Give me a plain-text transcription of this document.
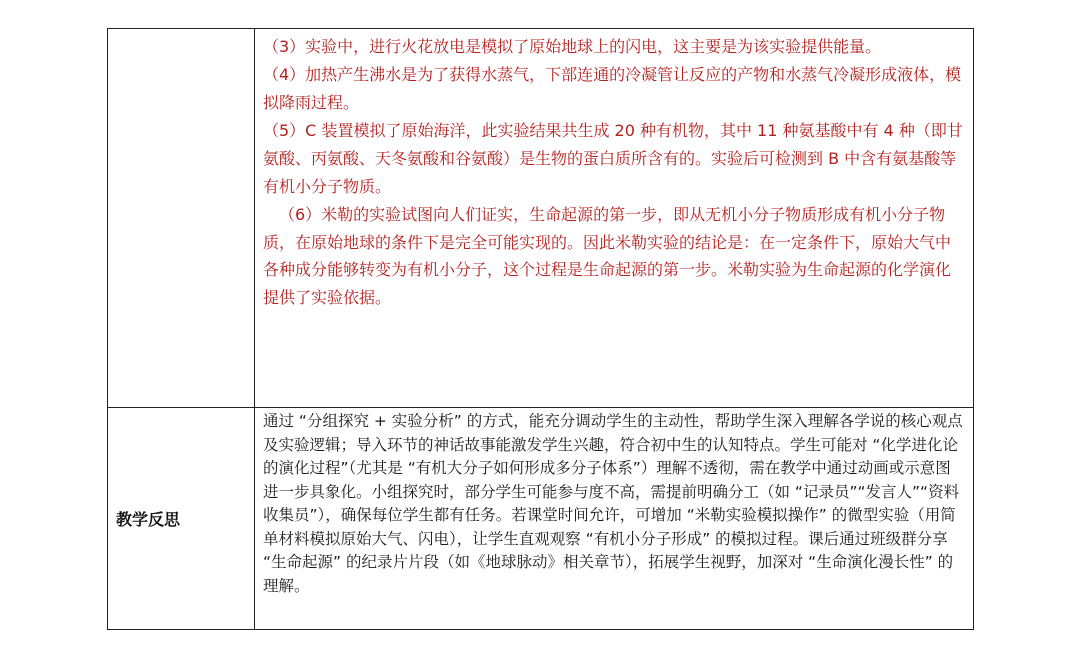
	（3）实验中，进行火花放电是模拟了原始地球上的闪电，这主要是为该实验提供能量。

（4）加热产生沸水是为了获得水蒸气，下部连通的冷凝管让反应的产物和水蒸气冷凝形成液体，模拟降雨过程。

（5）C 装置模拟了原始海洋，此实验结果共生成 20 种有机物，其中 11 种氨基酸中有 4 种（即甘氨酸、丙氨酸、天冬氨酸和谷氨酸）是生物的蛋白质所含有的。实验后可检测到 B 中含有氨基酸等有机小分子物质。

（6）米勒的实验试图向人们证实，生命起源的第一步，即从无机小分子物质形成有机小分子物质，在原始地球的条件下是完全可能实现的。因此米勒实验的结论是：在一定条件下，原始大气中各种成分能够转变为有机小分子，这个过程是生命起源的第一步。米勒实验为生命起源的化学演化提供了实验依据。

教学反思	通过 “分组探究 + 实验分析” 的方式，能充分调动学生的主动性，帮助学生深入理解各学说的核心观点及实验逻辑；导入环节的神话故事能激发学生兴趣，符合初中生的认知特点。学生可能对 “化学进化论的演化过程”（尤其是 “有机大分子如何形成多分子体系”）理解不透彻，需在教学中通过动画或示意图进一步具象化。小组探究时，部分学生可能参与度不高，需提前明确分工（如 “记录员”“发言人”“资料收集员”），确保每位学生都有任务。若课堂时间允许，可增加 “米勒实验模拟操作” 的微型实验（用简单材料模拟原始大气、闪电），让学生直观观察 “有机小分子形成” 的模拟过程。课后通过班级群分享 “生命起源” 的纪录片片段（如《地球脉动》相关章节），拓展学生视野，加深对 “生命演化漫长性” 的理解。
